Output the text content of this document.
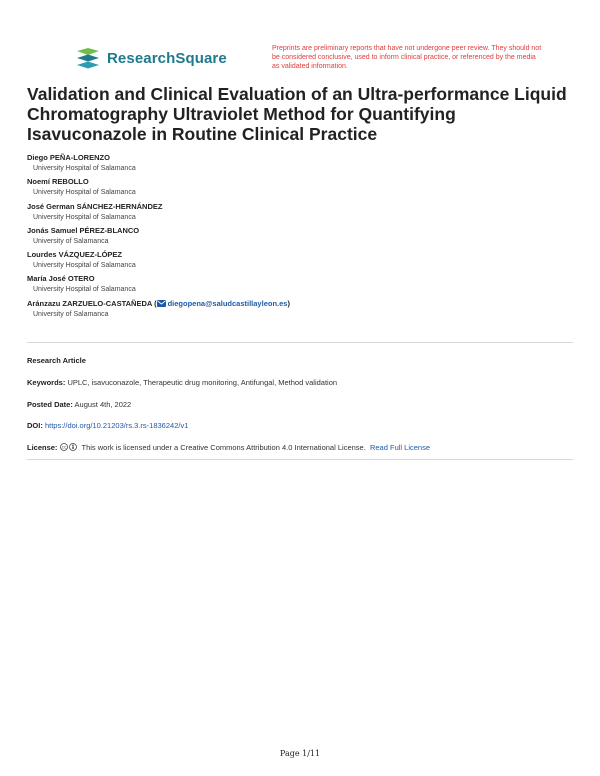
ResearchSquare
Preprints are preliminary reports that have not undergone peer review. They should not be considered conclusive, used to inform clinical practice, or referenced by the media as validated information.
Validation and Clinical Evaluation of an Ultra-performance Liquid Chromatography Ultraviolet Method for Quantifying Isavuconazole in Routine Clinical Practice
Diego PEÑA-LORENZO
University Hospital of Salamanca
Noemí REBOLLO
University Hospital of Salamanca
José German SÁNCHEZ-HERNÁNDEZ
University Hospital of Salamanca
Jonás Samuel PÉREZ-BLANCO
University of Salamanca
Lourdes VÁZQUEZ-LÓPEZ
University Hospital of Salamanca
María José OTERO
University Hospital of Salamanca
Aránzazu ZARZUELO-CASTAÑEDA ( diegopena@saludcastillayleon.es)
University of Salamanca
Research Article
Keywords: UPLC, isavuconazole, Therapeutic drug monitoring, Antifungal, Method validation
Posted Date: August 4th, 2022
DOI: https://doi.org/10.21203/rs.3.rs-1836242/v1
License: cc This work is licensed under a Creative Commons Attribution 4.0 International License. Read Full License
Page 1/11
